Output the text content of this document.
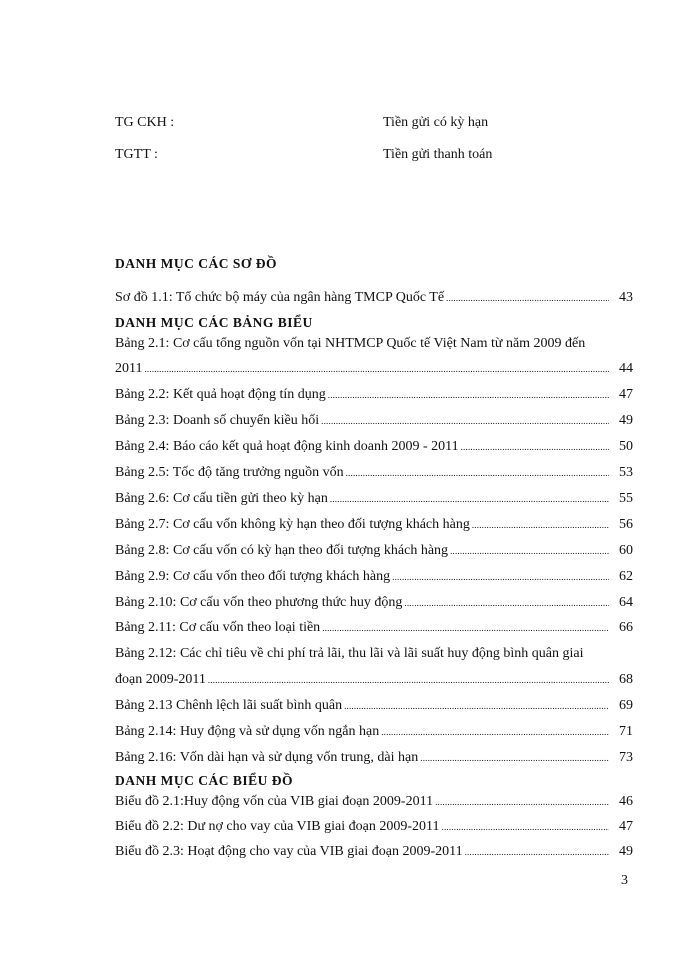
TG CKH :	Tiền gửi có kỳ hạn
TGTT :	Tiền gửi thanh toán
DANH MỤC CÁC SƠ ĐỒ
Sơ đồ 1.1: Tổ chức bộ máy của ngân hàng TMCP Quốc Tế .....	43
DANH MỤC CÁC BẢNG BIỂU
Bảng 2.1: Cơ cấu tổng nguồn vốn tại NHTMCP Quốc tế Việt Nam từ năm 2009 đến
2011 .....	44
Bảng 2.2: Kết quả hoạt động tín dụng .....	47
Bảng 2.3: Doanh số chuyển kiều hối .....	49
Bảng 2.4: Báo cáo kết quả hoạt động kinh doanh 2009 - 2011 .....	50
Bảng 2.5: Tốc độ tăng trưởng nguồn vốn .....	53
Bảng 2.6: Cơ cấu tiền gửi theo kỳ hạn .....	55
Bảng 2.7: Cơ cấu vốn không kỳ hạn theo đối tượng khách hàng .....	56
Bảng 2.8: Cơ cấu vốn có kỳ hạn theo đối tượng khách hàng .....	60
Bảng 2.9: Cơ cấu vốn theo đối tượng khách hàng .....	62
Bảng 2.10: Cơ cấu vốn theo phương thức huy động .....	64
Bảng 2.11: Cơ cấu vốn theo loại tiền .....	66
Bảng 2.12: Các chỉ tiêu về chi phí trả lãi, thu lãi và lãi suất huy động bình quân giai
đoạn 2009-2011 .....	68
Bảng 2.13 Chênh lệch lãi suất bình quân .....	69
Bảng 2.14: Huy động và sử dụng vốn ngắn hạn .....	71
Bảng 2.16: Vốn dài hạn và sử dụng vốn trung, dài hạn .....	73
DANH MỤC CÁC BIỂU ĐỒ
Biểu đồ 2.1:Huy động vốn của VIB giai đoạn 2009-2011 .....	46
Biểu đồ 2.2: Dư nợ cho vay của VIB giai đoạn 2009-2011 .....	47
Biểu đồ 2.3: Hoạt động cho vay của VIB giai đoạn 2009-2011 .....	49
3
